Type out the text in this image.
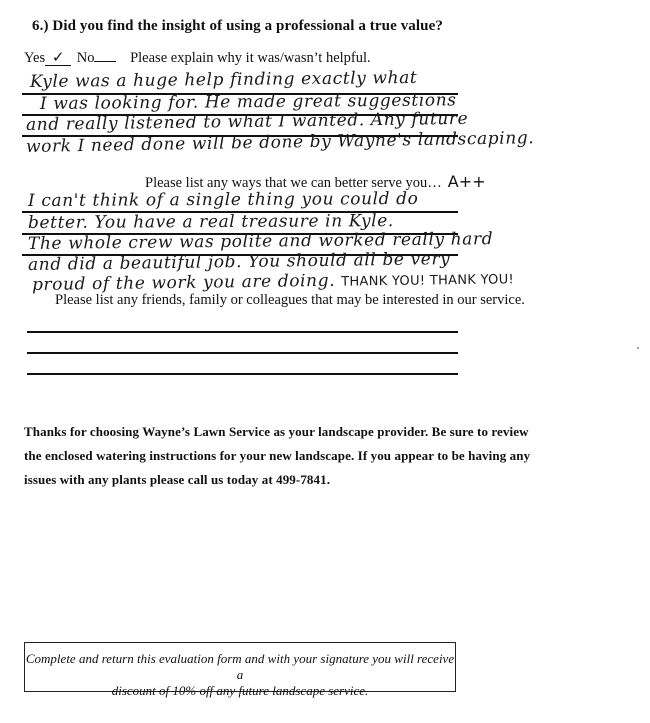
6.) Did you find the insight of using a professional a true value?
Yes ✓ No Please explain why it was/wasn’t helpful.
Kyle was a huge help finding exactly what
I was looking for. He made great suggestions
and really listened to what I wanted. Any future
work I need done will be done by Wayne's landscaping.
Please list any ways that we can better serve you… A++
I can't think of a single thing you could do
better. You have a real treasure in Kyle.
The whole crew was polite and worked really hard
and did a beautiful job. You should all be very
proud of the work you are doing. THANK YOU! THANK YOU!
Please list any friends, family or colleagues that may be interested in our service.
Thanks for choosing Wayne’s Lawn Service as your landscape provider. Be sure to review
the enclosed watering instructions for your new landscape. If you appear to be having any
issues with any plants please call us today at 499-7841.
Complete and return this evaluation form and with your signature you will receive a
discount of 10% off any future landscape service.
